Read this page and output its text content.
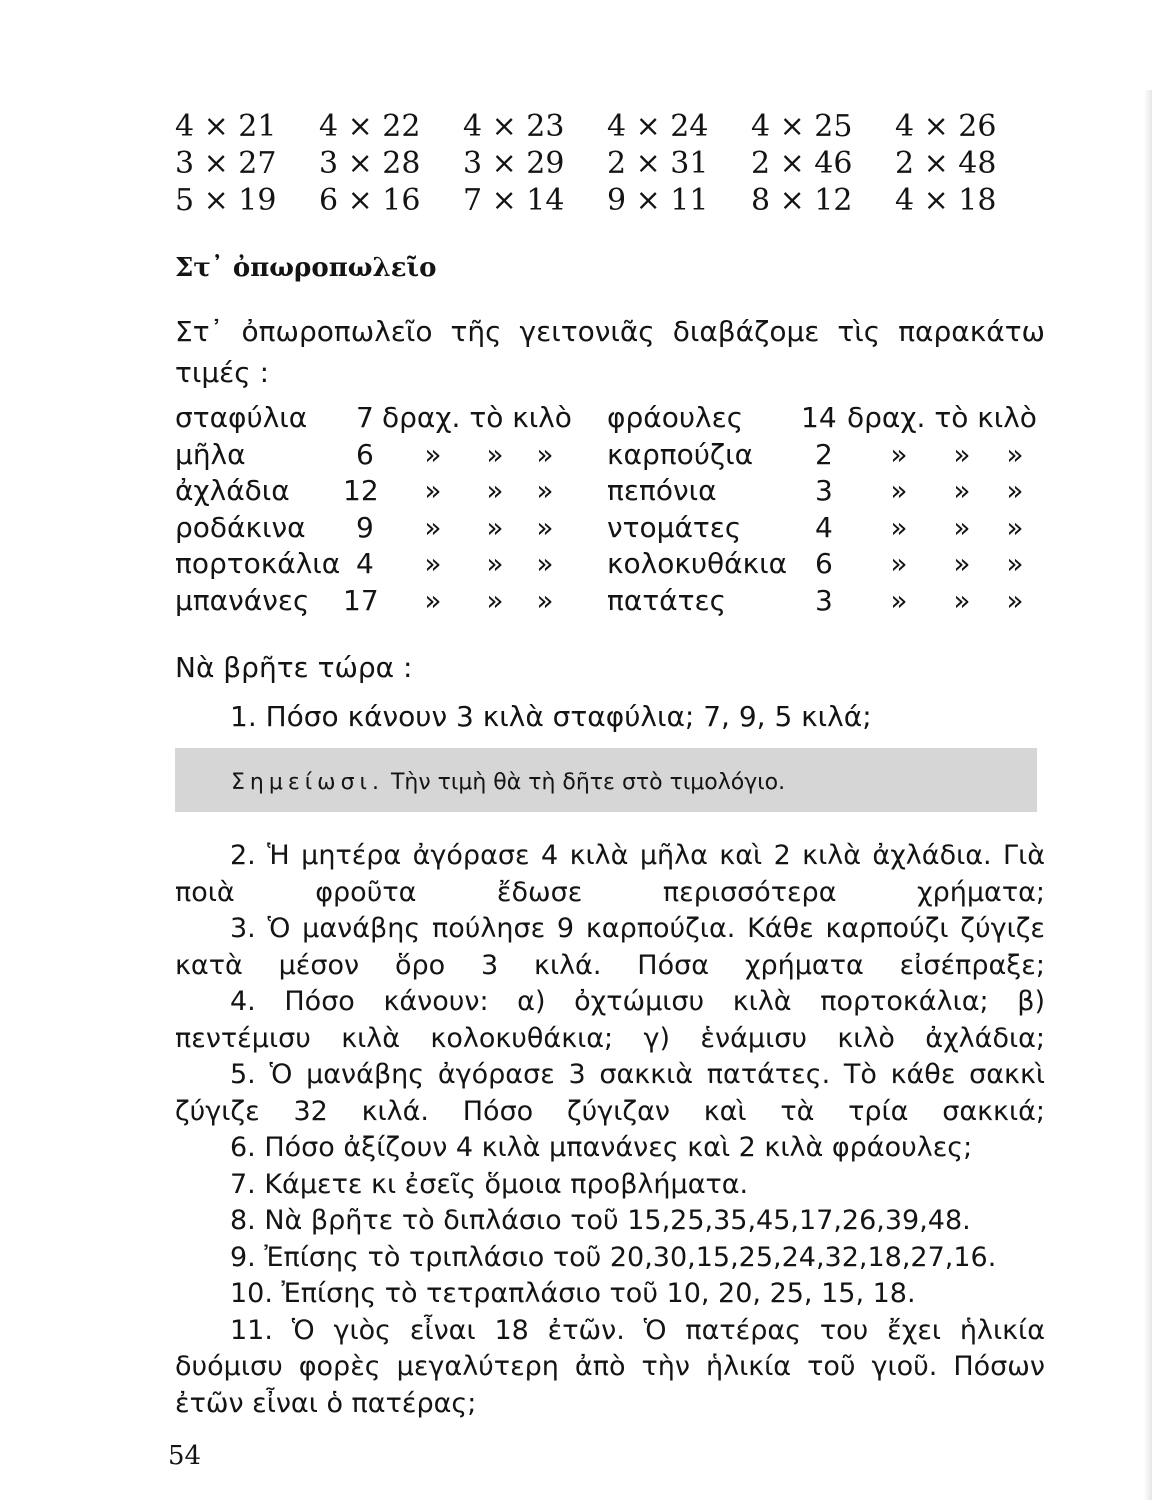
4 × 21	4 × 22	4 × 23	4 × 24	4 × 25	4 × 26
3 × 27	3 × 28	3 × 29	2 × 31	2 × 46	2 × 48
5 × 19	6 × 16	7 × 14	9 × 11	8 × 12	4 × 18
Στ᾿ ὀπωροπωλεῖο
Στ᾿ ὀπωροπωλεῖο τῆς γειτονιᾶς διαβάζομε τὶς παρακάτω τιμές :
σταφύλια 7 δραχ. τὸ κιλὸ φράουλες 14 δραχ. τὸ κιλὸ
μῆλα	6	»	»	»	καρπούζια 2	»	»	»
ἀχλάδια 12	»	»	»	πεπόνια	3	»	»	»
ροδάκινα 9	»	»	»	ντομάτες	4	»	»	»
πορτοκάλια 4	»	»	»	κολοκυθάκια 6	»	»	»
μπανάνες 17	»	»	»	πατάτες	3	»	»	»
Νὰ βρῆτε τώρα :
1. Πόσο κάνουν 3 κιλὰ σταφύλια; 7, 9, 5 κιλά;
Σημείωσι. Τὴν τιμὴ θὰ τὴ δῆτε στὸ τιμολόγιο.

2. Ἡ μητέρα ἀγόρασε 4 κιλὰ μῆλα καὶ 2 κιλὰ ἀχλάδια. Γιὰ ποιὰ φροῦτα ἔδωσε περισσότερα χρήματα;

3. Ὁ μανάβης πούλησε 9 καρπούζια. Κάθε καρπούζι ζύγιζε κατὰ μέσον ὅρο 3 κιλά. Πόσα χρήματα εἰσέπραξε;

4. Πόσο κάνουν: α) ὀχτώμισυ κιλὰ πορτοκάλια; β) πεντέμισυ κιλὰ κολοκυθάκια; γ) ἑνάμισυ κιλὸ ἀχλάδια;

5. Ὁ μανάβης ἀγόρασε 3 σακκιὰ πατάτες. Τὸ κάθε σακκὶ ζύγιζε 32 κιλά. Πόσο ζύγιζαν καὶ τὰ τρία σακκιά;

6. Πόσο ἀξίζουν 4 κιλὰ μπανάνες καὶ 2 κιλὰ φράουλες;

7. Κάμετε κι ἐσεῖς ὅμοια προβλήματα.

8. Νὰ βρῆτε τὸ διπλάσιο τοῦ 15,25,35,45,17,26,39,48.

9. Ἐπίσης τὸ τριπλάσιο τοῦ 20,30,15,25,24,32,18,27,16.

10. Ἐπίσης τὸ τετραπλάσιο τοῦ 10, 20, 25, 15, 18.

11. Ὁ γιὸς εἶναι 18 ἐτῶν. Ὁ πατέρας του ἔχει ἡλικία δυόμισυ φορὲς μεγαλύτερη ἀπὸ τὴν ἡλικία τοῦ γιοῦ. Πόσων ἐτῶν εἶναι ὁ πατέρας;

54
